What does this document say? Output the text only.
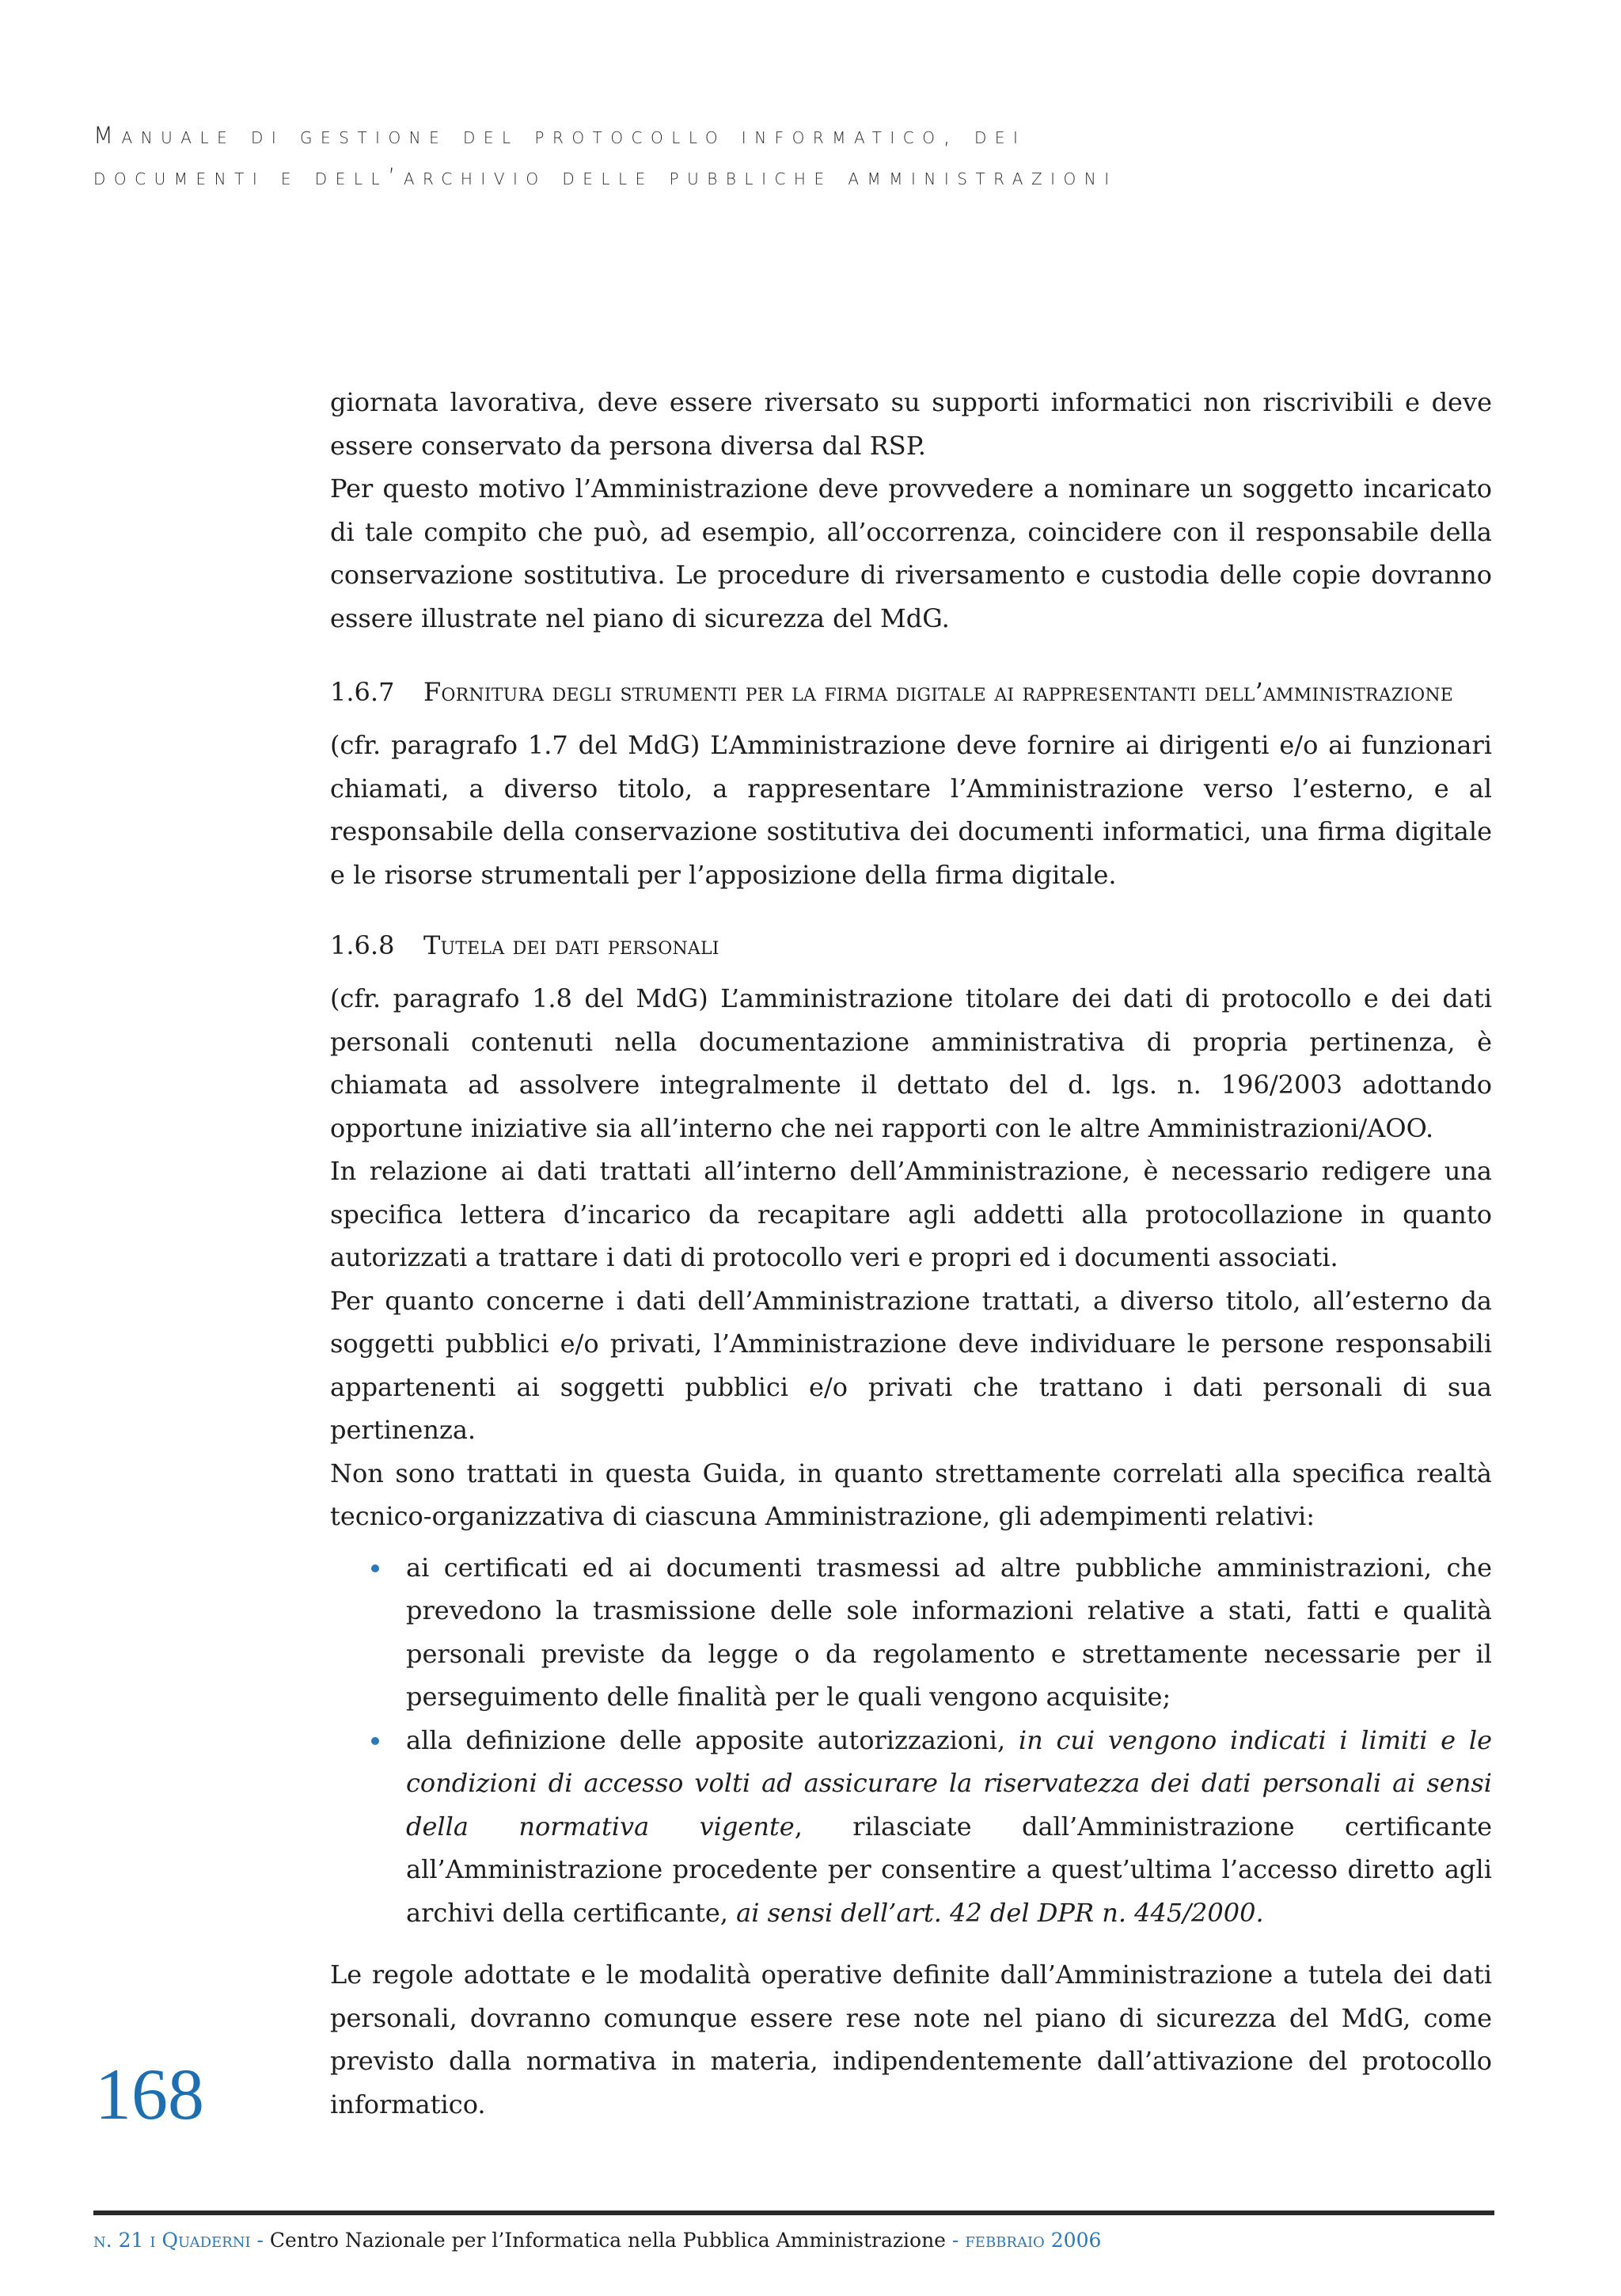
Manuale di gestione del protocollo informatico, dei
documenti e dell’archivio delle pubbliche amministrazioni

giornata lavorativa, deve essere riversato su supporti informatici non riscrivibili e deve essere conservato da persona diversa dal RSP.

Per questo motivo l’Amministrazione deve provvedere a nominare un soggetto incaricato di tale compito che può, ad esempio, all’occorrenza, coincidere con il responsabile della conservazione sostitutiva. Le procedure di riversamento e custodia delle copie dovranno essere illustrate nel piano di sicurezza del MdG.

1.6.7	Fornitura degli strumenti per la firma digitale ai rappresentanti dell’amministrazione

(cfr. paragrafo 1.7 del MdG) L’Amministrazione deve fornire ai dirigenti e/o ai funzionari chiamati, a diverso titolo, a rappresentare l’Amministrazione verso l’esterno, e al responsabile della conservazione sostitutiva dei documenti informatici, una firma digitale e le risorse strumentali per l’apposizione della firma digitale.

1.6.8	Tutela dei dati personali

(cfr. paragrafo 1.8 del MdG) L’amministrazione titolare dei dati di protocollo e dei dati personali contenuti nella documentazione amministrativa di propria pertinenza, è chiamata ad assolvere integralmente il dettato del d. lgs. n. 196/2003 adottando opportune iniziative sia all’interno che nei rapporti con le altre Amministrazioni/AOO.

In relazione ai dati trattati all’interno dell’Amministrazione, è necessario redigere una specifica lettera d’incarico da recapitare agli addetti alla protocollazione in quanto autorizzati a trattare i dati di protocollo veri e propri ed i documenti associati.

Per quanto concerne i dati dell’Amministrazione trattati, a diverso titolo, all’esterno da soggetti pubblici e/o privati, l’Amministrazione deve individuare le persone responsabili appartenenti ai soggetti pubblici e/o privati che trattano i dati personali di sua pertinenza.

Non sono trattati in questa Guida, in quanto strettamente correlati alla specifica realtà tecnico-organizzativa di ciascuna Amministrazione, gli adempimenti relativi:

ai certificati ed ai documenti trasmessi ad altre pubbliche amministrazioni, che prevedono la trasmissione delle sole informazioni relative a stati, fatti e qualità personali previste da legge o da regolamento e strettamente necessarie per il perseguimento delle finalità per le quali vengono acquisite;
alla definizione delle apposite autorizzazioni, in cui vengono indicati i limiti e le condizioni di accesso volti ad assicurare la riservatezza dei dati personali ai sensi della normativa vigente, rilasciate dall’Amministrazione certificante all’Amministrazione procedente per consentire a quest’ultima l’accesso diretto agli archivi della certificante, ai sensi dell’art. 42 del DPR n. 445/2000.

Le regole adottate e le modalità operative definite dall’Amministrazione a tutela dei dati personali, dovranno comunque essere rese note nel piano di sicurezza del MdG, come previsto dalla normativa in materia, indipendentemente dall’attivazione del protocollo informatico.

168
n. 21 i Quaderni - Centro Nazionale per l’Informatica nella Pubblica Amministrazione - febbraio 2006
